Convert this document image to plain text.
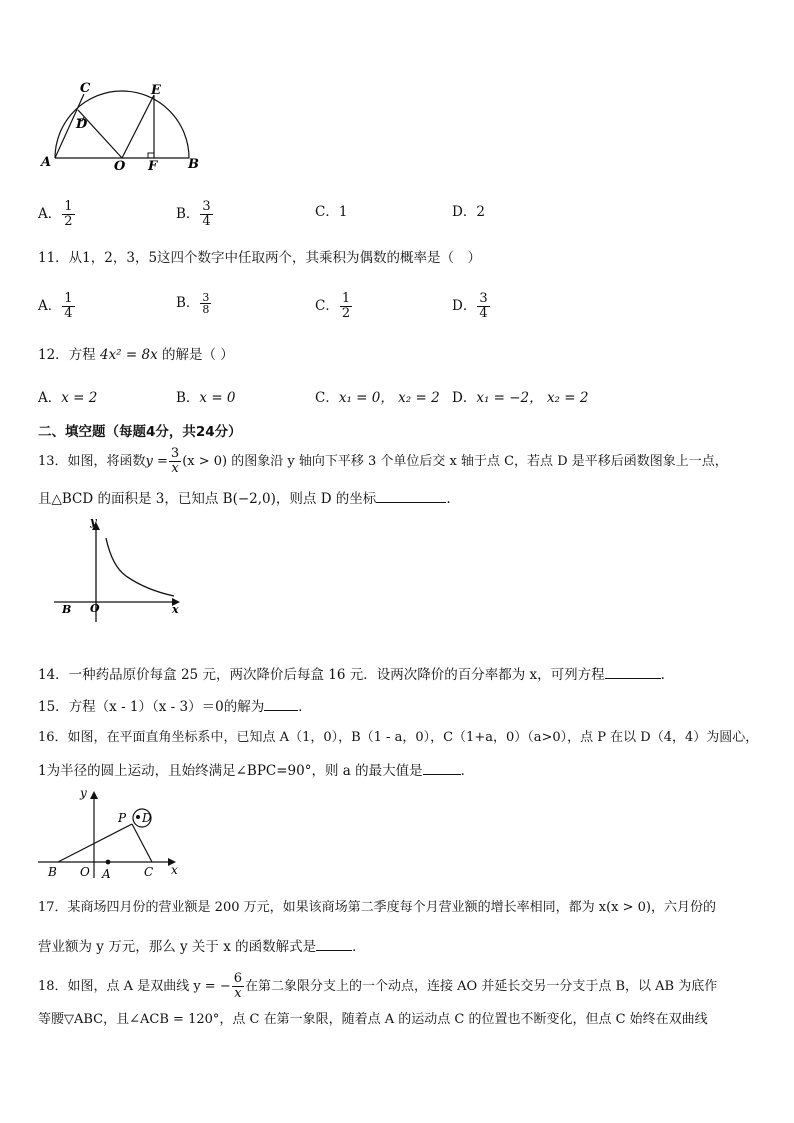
C
D
E
A	O F B
A． $\frac{1}{2}$	B． $\frac{3}{4}$	C．1	D．2
11．从1，2，3，5这四个数字中任取两个，其乘积为偶数的概率是（　）
A． $\frac{1}{4}$	B． $\frac{3}{8}$	C． $\frac{1}{2}$	D． $\frac{3}{4}$
12．方程 4x² = 8x 的解是（ ）
A．x = 2	B．x = 0	C．x₁ = 0， x₂ = 2 D．x₁ = −2， x₂ = 2
二、填空题（每题4分，共24分）
13．如图，将函数$y = \frac{3}{x} (x > 0)$ 的图象沿 y 轴向下平移 3 个单位后交 x 轴于点 C，若点 D 是平移后函数图象上一点，
且△BCD 的面积是 3，已知点 B(−2,0)，则点 D 的坐标	.
y
B O	x
14．一种药品原价每盒 25 元，两次降价后每盒 16 元．设两次降价的百分率都为 x，可列方程	.
15．方程（x - 1）（x - 3）＝0的解为	．
16．如图，在平面直角坐标系中，已知点 A（1，0），B（1 - a，0），C（1+a，0）（a>0），点 P 在以 D（4，4）为圆心，
1为半径的圆上运动，且始终满足∠BPC=90°，则 a 的最大值是	．
y
P D
B O A	C x
17．某商场四月份的营业额是 200 万元，如果该商场第二季度每个月营业额的增长率相同，都为 x(x > 0)，六月份的
营业额为 y 万元，那么 y 关于 x 的函数解式是	．
18．如图，点 A 是双曲线 y = − $\frac{6}{x}$ 在第二象限分支上的一个动点，连接 AO 并延长交另一分支于点 B，以 AB 为底作
等腰▽ABC，且∠ACB = 120°，点 C 在第一象限，随着点 A 的运动点 C 的位置也不断变化，但点 C 始终在双曲线
